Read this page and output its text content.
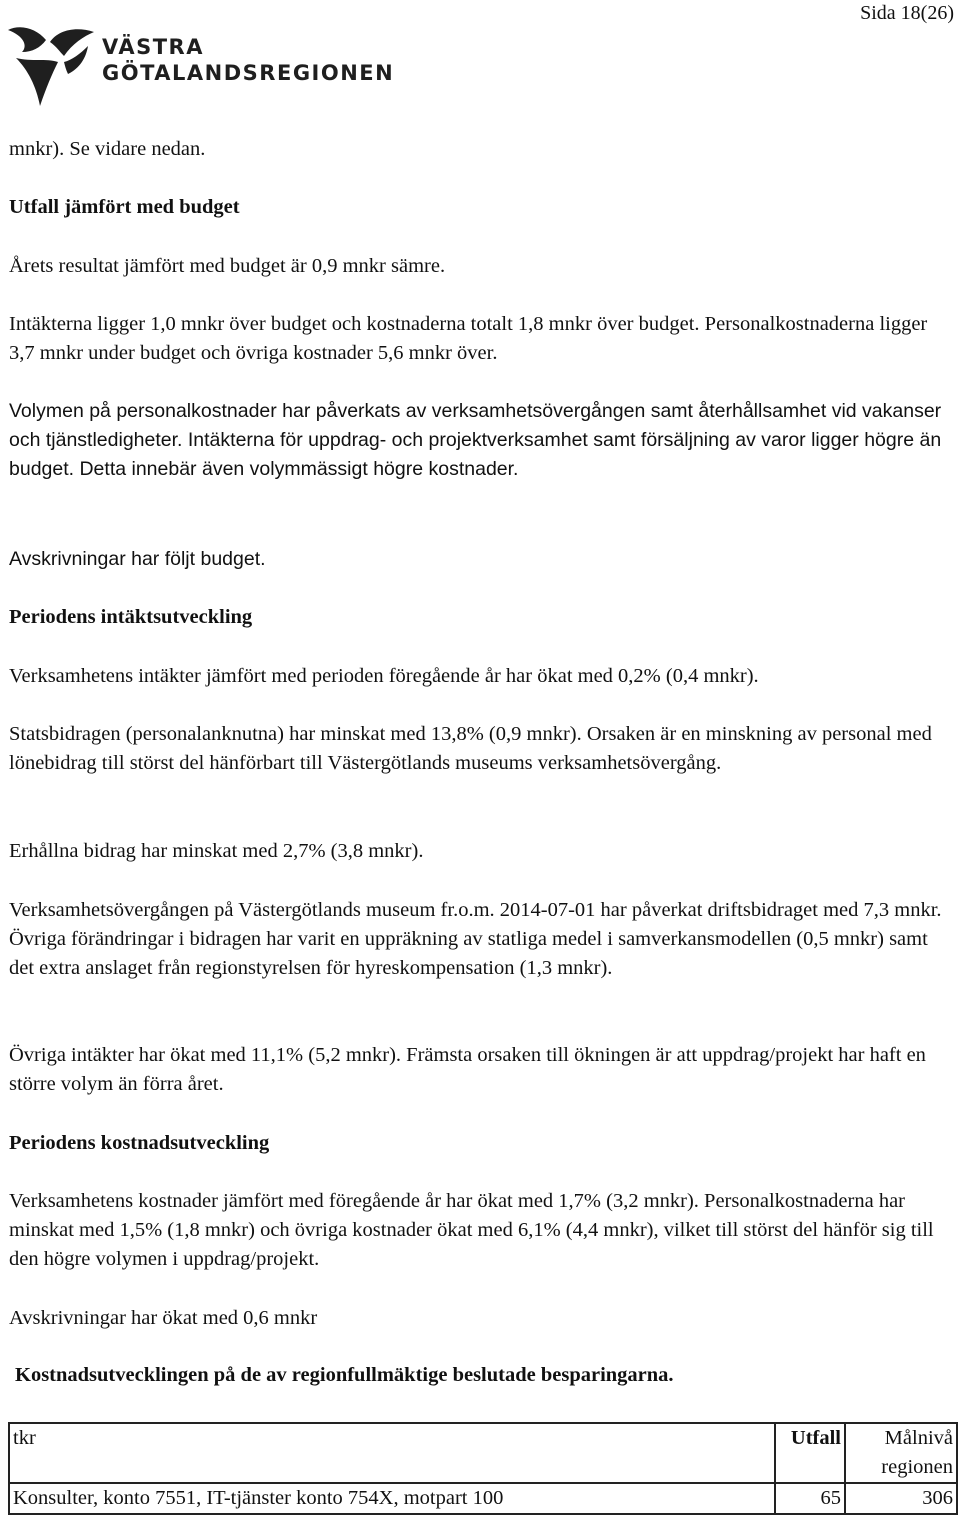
Sida 18(26)
VÄSTRA
GÖTALANDSREGIONEN

mnkr). Se vidare nedan.

Utfall jämfört med budget

Årets resultat jämfört med budget är 0,9 mnkr sämre.

Intäkterna ligger 1,0 mnkr över budget och kostnaderna totalt 1,8 mnkr över budget. Personalkostnaderna ligger 3,7 mnkr under budget och övriga kostnader 5,6 mnkr över.

Volymen på personalkostnader har påverkats av verksamhetsövergången samt återhållsamhet vid vakanser och tjänstledigheter. Intäkterna för uppdrag- och projektverksamhet samt försäljning av varor ligger högre än budget. Detta innebär även volymmässigt högre kostnader.

Avskrivningar har följt budget.

Periodens intäktsutveckling

Verksamhetens intäkter jämfört med perioden föregående år har ökat med 0,2% (0,4 mnkr).

Statsbidragen (personalanknutna) har minskat med 13,8% (0,9 mnkr). Orsaken är en minskning av personal med lönebidrag till störst del hänförbart till Västergötlands museums verksamhetsövergång.

Erhållna bidrag har minskat med 2,7% (3,8 mnkr).

Verksamhetsövergången på Västergötlands museum fr.o.m. 2014-07-01 har påverkat driftsbidraget med 7,3 mnkr. Övriga förändringar i bidragen har varit en uppräkning av statliga medel i samverkansmodellen (0,5 mnkr) samt det extra anslaget från regionstyrelsen för hyreskompensation (1,3 mnkr).

Övriga intäkter har ökat med 11,1% (5,2 mnkr). Främsta orsaken till ökningen är att uppdrag/projekt har haft en större volym än förra året.

Periodens kostnadsutveckling

Verksamhetens kostnader jämfört med föregående år har ökat med 1,7% (3,2 mnkr). Personalkostnaderna har minskat med 1,5% (1,8 mnkr) och övriga kostnader ökat med 6,1% (4,4 mnkr), vilket till störst del hänför sig till den högre volymen i uppdrag/projekt.

Avskrivningar har ökat med 0,6 mnkr

Kostnadsutvecklingen på de av regionfullmäktige beslutade besparingarna.
tkr	Utfall	Målnivå
regionen

Konsulter, konto 7551, IT-tjänster konto 754X, motpart 100	65	306
